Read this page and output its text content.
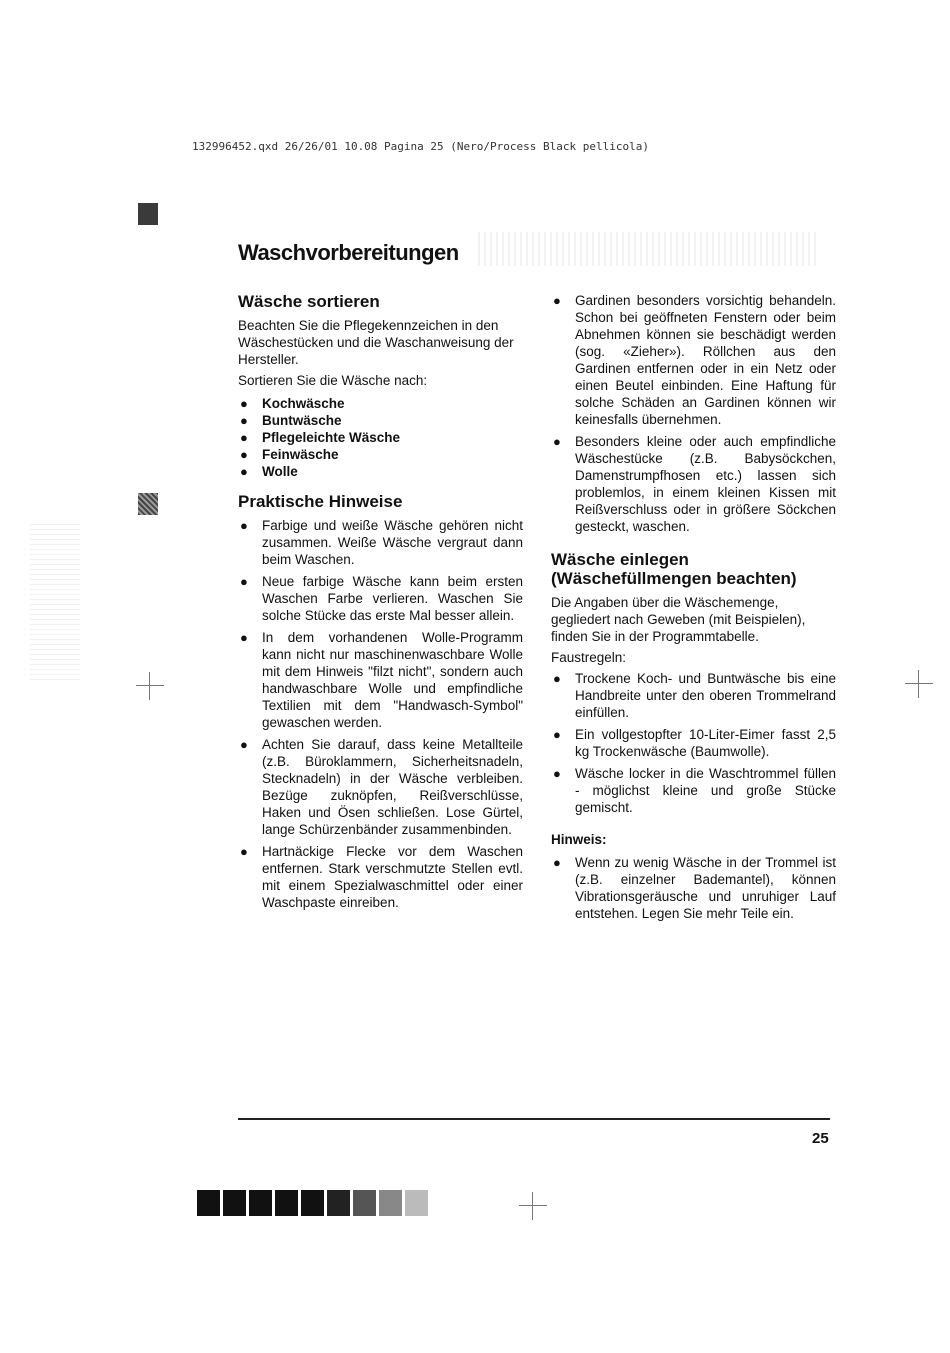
132996452.qxd 26/26/01 10.08 Pagina 25 (Nero/Process Black pellicola)
Waschvorbereitungen
Wäsche sortieren

Beachten Sie die Pflegekennzeichen in den Wäschestücken und die Waschanweisung der Hersteller.

Sortieren Sie die Wäsche nach:

● Kochwäsche
● Buntwäsche
● Pflegeleichte Wäsche
● Feinwäsche
● Wolle
Praktische Hinweise
● Farbige und weiße Wäsche gehören nicht zusammen. Weiße Wäsche vergraut dann beim Waschen.
● Neue farbige Wäsche kann beim ersten Waschen Farbe verlieren. Waschen Sie solche Stücke das erste Mal besser allein.
● In dem vorhandenen Wolle-Programm kann nicht nur maschinenwaschbare Wolle mit dem Hinweis "filzt nicht", sondern auch handwaschbare Wolle und empfindliche Textilien mit dem "Handwasch-Symbol" gewaschen werden.
● Achten Sie darauf, dass keine Metallteile (z.B. Büroklammern, Sicherheitsnadeln, Stecknadeln) in der Wäsche verbleiben. Bezüge zuknöpfen, Reißverschlüsse, Haken und Ösen schließen. Lose Gürtel, lange Schürzenbänder zusammenbinden.
● Hartnäckige Flecke vor dem Waschen entfernen. Stark verschmutzte Stellen evtl. mit einem Spezialwaschmittel oder einer Waschpaste einreiben.
● Gardinen besonders vorsichtig behandeln. Schon bei geöffneten Fenstern oder beim Abnehmen können sie beschädigt werden (sog. «Zieher»). Röllchen aus den Gardinen entfernen oder in ein Netz oder einen Beutel einbinden. Eine Haftung für solche Schäden an Gardinen können wir keinesfalls übernehmen.
● Besonders kleine oder auch empfindliche Wäschestücke (z.B. Babysöckchen, Damenstrumpfhosen etc.) lassen sich problemlos, in einem kleinen Kissen mit Reißverschluss oder in größere Söckchen gesteckt, waschen.
Wäsche einlegen (Wäschefüllmengen beachten)

Die Angaben über die Wäschemenge, gegliedert nach Geweben (mit Beispielen), finden Sie in der Programmtabelle.

Faustregeln:

● Trockene Koch- und Buntwäsche bis eine Handbreite unter den oberen Trommelrand einfüllen.
● Ein vollgestopfter 10-Liter-Eimer fasst 2,5 kg Trockenwäsche (Baumwolle).
● Wäsche locker in die Waschtrommel füllen - möglichst kleine und große Stücke gemischt.
Hinweis:
● Wenn zu wenig Wäsche in der Trommel ist (z.B. einzelner Bademantel), können Vibrationsgeräusche und unruhiger Lauf entstehen. Legen Sie mehr Teile ein.
25
